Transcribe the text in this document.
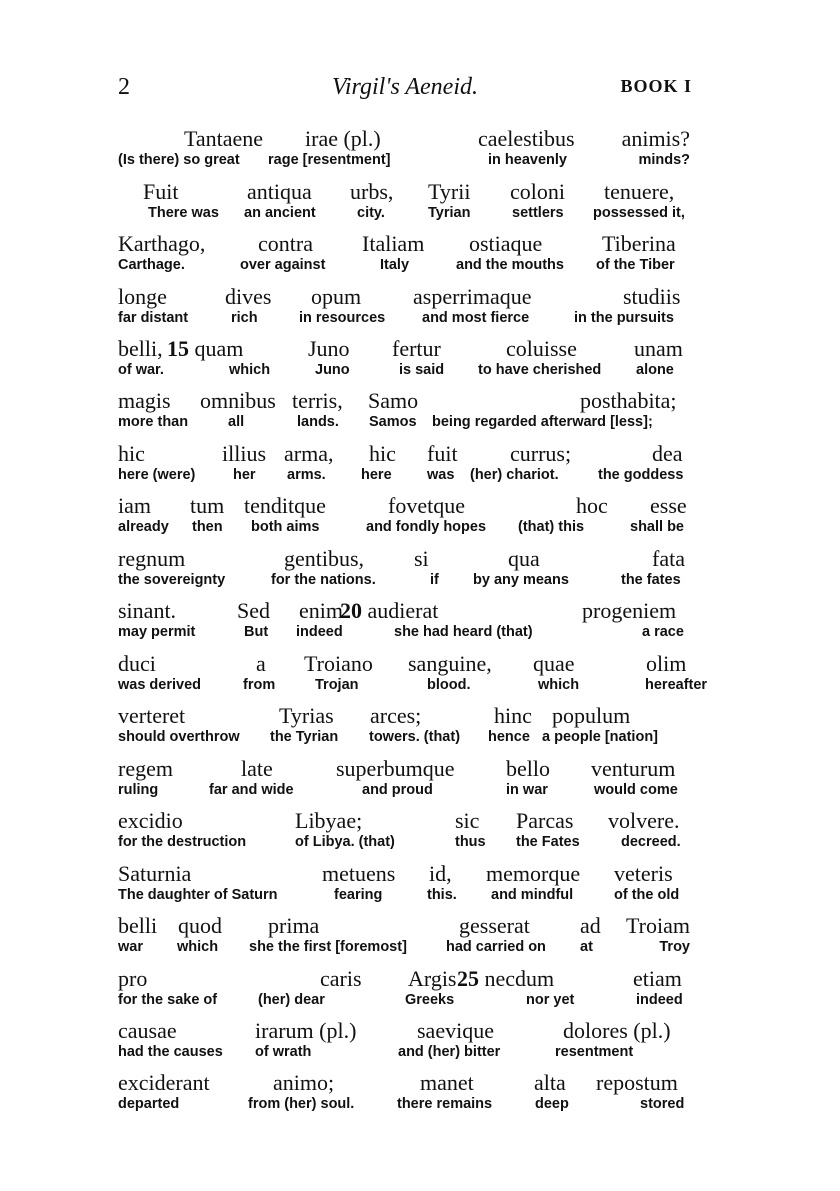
2	Virgil's Aeneid.	BOOK I
Tantaene
(Is there) so great
irae (pl.)
rage [resentment]
caelestibus
in heavenly
animis?
minds?
Fuit
There was
antiqua
an ancient
urbs,
city.
Tyrii
Tyrian
coloni
settlers
tenuere,
possessed it,
Karthago,
Carthage.
contra
over against
Italiam
Italy
ostiaque
and the mouths
Tiberina
of the Tiber
longe
far distant
dives
rich
opum
in resources
asperrimaque
and most fierce
studiis
in the pursuits
belli,
of war.
15 quam
which
Juno
Juno
fertur
is said
coluisse
to have cherished
unam
alone
magis
more than
omnibus
all
terris,
lands.
Samo
Samos
posthabita;
being regarded afterward [less];
hic
here (were)
illius
her
arma,
arms.
hic
here
fuit
was
currus;
(her) chariot.
dea
the goddess
iam
already
tum
then
tenditque
both aims
fovetque
and fondly hopes
hoc
(that) this
esse
shall be
regnum
the sovereignty
gentibus,
for the nations.
si
if
qua
by any means
fata
the fates
sinant.
may permit
Sed
But
enim
indeed
20 audierat
she had heard (that)
progeniem
a race
duci
was derived
a
from
Troiano
Trojan
sanguine,
blood.
quae
which
olim
hereafter
verteret
should overthrow
Tyrias
the Tyrian
arces;
towers. (that)
hinc
hence
populum
a people [nation]
regem
ruling
late
far and wide
superbumque
and proud
bello
in war
venturum
would come
excidio
for the destruction
Libyae;
of Libya. (that)
sic
thus
Parcas
the Fates
volvere.
decreed.
Saturnia
The daughter of Saturn
metuens
fearing
id,
this.
memorque
and mindful
veteris
of the old
belli
war
quod
which
prima
she the first [foremost]
gesserat
had carried on
ad
at
Troiam
Troy
pro
for the sake of
caris
(her) dear
Argis
Greeks
25 necdum
nor yet
etiam
indeed
causae
had the causes
irarum (pl.)
of wrath
saevique
and (her) bitter
dolores (pl.)
resentment
exciderant
departed
animo;
from (her) soul.
manet
there remains
alta
deep
repostum
stored
